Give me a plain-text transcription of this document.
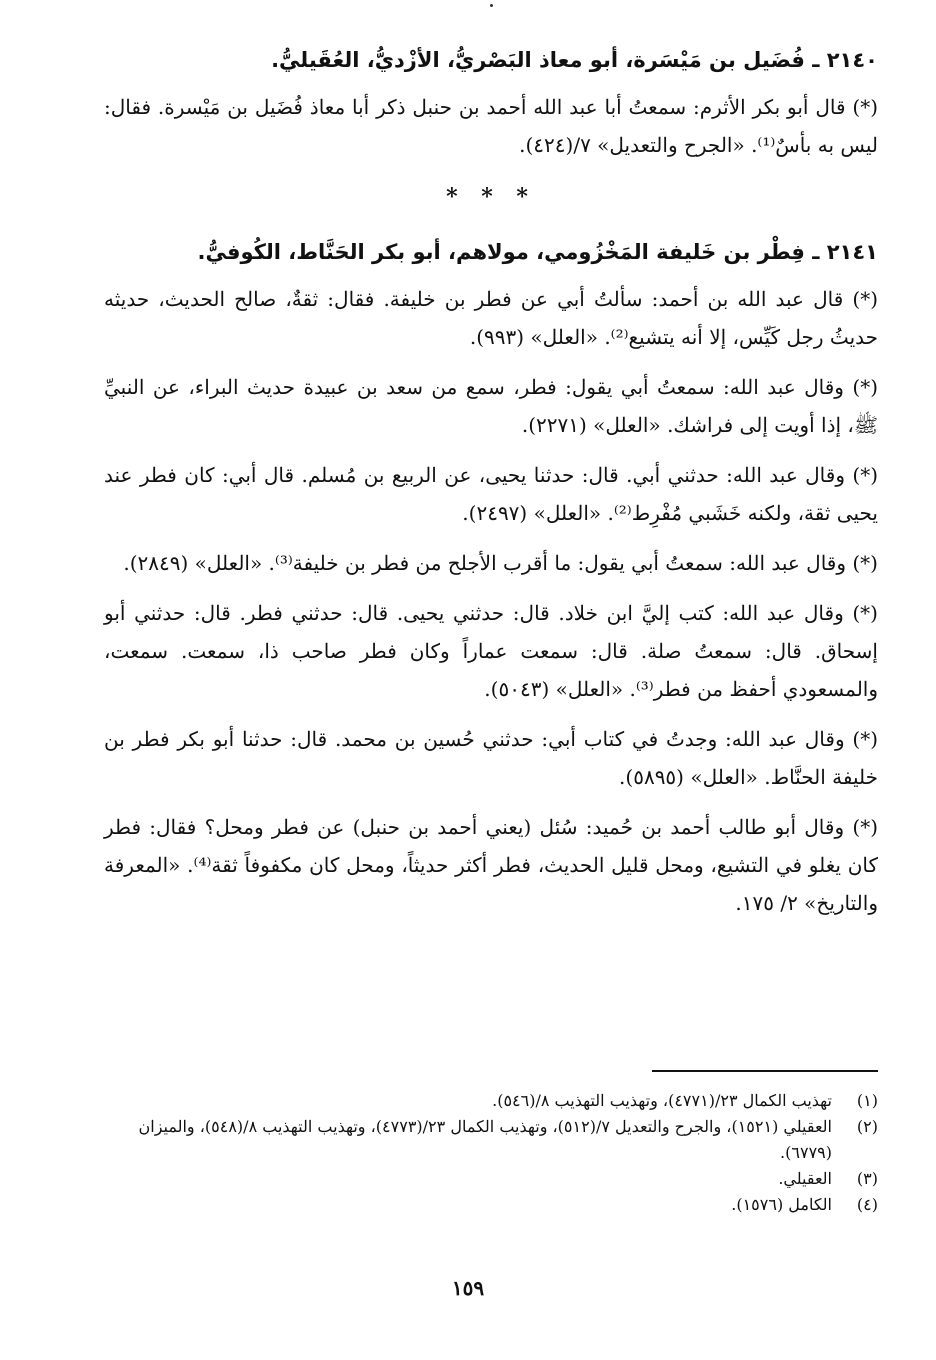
٢١٤٠ ـ فُضَيل بن مَيْسَرة، أبو معاذ البَصْريُّ، الأزْديُّ، العُقَيليُّ.

(*) قال أبو بكر الأثرم: سمعتُ أبا عبد الله أحمد بن حنبل ذكر أبا معاذ فُضَيل بن مَيْسرة. فقال: ليس به بأسٌ⁽¹⁾. «الجرح والتعديل» ٧/(٤٢٤).

* * *
٢١٤١ ـ فِطْر بن خَليفة المَخْزُومي، مولاهم، أبو بكر الحَنَّاط، الكُوفيُّ.

(*) قال عبد الله بن أحمد: سألتُ أبي عن فطر بن خليفة. فقال: ثقةٌ، صالح الحديث، حديثه حديثُ رجل كَيِّس، إلا أنه يتشيع⁽²⁾. «العلل» (٩٩٣).

(*) وقال عبد الله: سمعتُ أبي يقول: فطر، سمع من سعد بن عبيدة حديث البراء، عن النبيِّ ﷺ، إذا أويت إلى فراشك. «العلل» (٢٢٧١).

(*) وقال عبد الله: حدثني أبي. قال: حدثنا يحيى، عن الربيع بن مُسلم. قال أبي: كان فطر عند يحيى ثقة، ولكنه خَشَبي مُفْرِط⁽²⁾. «العلل» (٢٤٩٧).

(*) وقال عبد الله: سمعتُ أبي يقول: ما أقرب الأجلح من فطر بن خليفة⁽³⁾. «العلل» (٢٨٤٩).

(*) وقال عبد الله: كتب إليَّ ابن خلاد. قال: حدثني يحيى. قال: حدثني فطر. قال: حدثني أبو إسحاق. قال: سمعتُ صلة. قال: سمعت عماراً وكان فطر صاحب ذا، سمعت. سمعت، والمسعودي أحفظ من فطر⁽³⁾. «العلل» (٥٠٤٣).

(*) وقال عبد الله: وجدتُ في كتاب أبي: حدثني حُسين بن محمد. قال: حدثنا أبو بكر فطر بن خليفة الحنَّاط. «العلل» (٥٨٩٥).

(*) وقال أبو طالب أحمد بن حُميد: سُئل (يعني أحمد بن حنبل) عن فطر ومحل؟ فقال: فطر كان يغلو في التشيع، ومحل قليل الحديث، فطر أكثر حديثاً، ومحل كان مكفوفاً ثقة⁽⁴⁾. «المعرفة والتاريخ» ٢/ ١٧٥.

(١)
تهذيب الكمال ٢٣/(٤٧٧١)، وتهذيب التهذيب ٨/(٥٤٦).
(٢)
العقيلي (١٥٢١)، والجرح والتعديل ٧/(٥١٢)، وتهذيب الكمال ٢٣/(٤٧٧٣)، وتهذيب التهذيب ٨/(٥٤٨)، والميزان (٦٧٧٩).
(٣)
العقيلي.
(٤)
الكامل (١٥٧٦).
١٥٩
